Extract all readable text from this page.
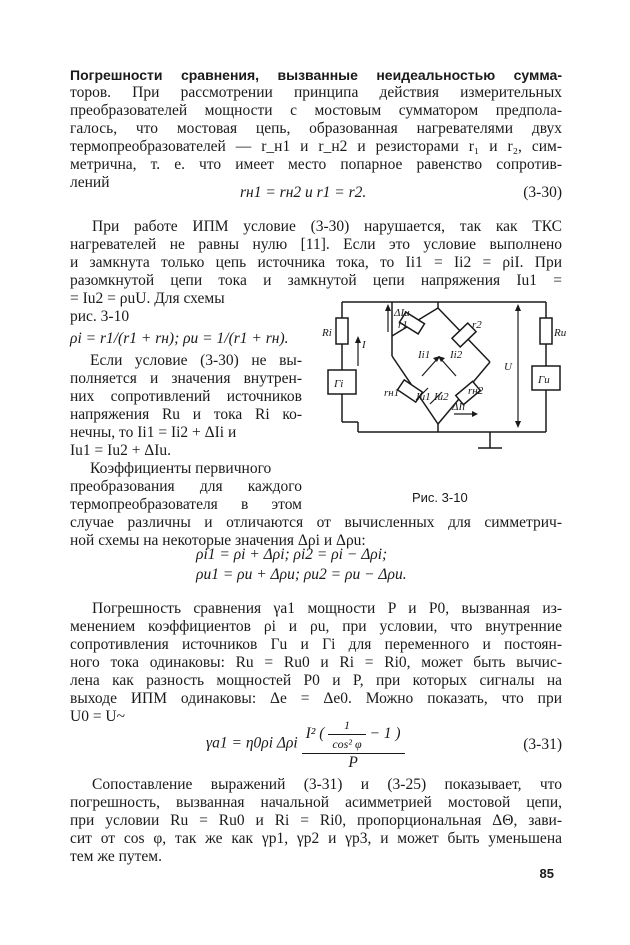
Погрешности сравнения, вызванные неидеальностью сумма-
торов. При рассмотрении принципа действия измерительных
преобразователей мощности с мостовым сумматором предпола-
галось, что мостовая цепь, образованная нагревателями двух
термопреобразователей — r_н1 и r_н2 и резисторами r₁ и r₂, сим-
метрична, т. е. что имеет место попарное равенство сопротив-
лений
rн1 = rн2 и r1 = r2.	(3-30)
При работе ИПМ условие (3-30) нарушается, так как ТКС
нагревателей не равны нулю [11]. Если это условие выполнено
и замкнута только цепь источника тока, то Ii1 = Ii2 = ρiI. При
разомкнутой цепи тока и замкнутой цепи напряжения Iu1 =
= Iu2 = ρuU. Для схемы
рис. 3-10
ρi = r1/(r1 + rн); ρu = 1/(r1 + rн).
Если условие (3-30) не вы-
полняется и значения внутрен-
них сопротивлений источников
напряжения Ru и тока Ri ко-
нечны, то Ii1 = Ii2 + ΔIi и
Iu1 = Iu2 + ΔIu.
Коэффициенты первичного
преобразования для каждого
термопреобразователя в этом
Ri
I
Гi
ΔIu
r1	r2
Ii1 Ii2
U
Ru
Гu
rн1 Iu1 Iu2 rн2
ΔIi
Рис. 3-10
случае различны и отличаются от вычисленных для симметрич-
ной схемы на некоторые значения Δρi и Δρu:
ρi1 = ρi + Δρi; ρi2 = ρi − Δρi;
ρu1 = ρu + Δρu; ρu2 = ρu − Δρu.
Погрешность сравнения γa1 мощности P и P0, вызванная из-
менением коэффициентов ρi и ρu, при условии, что внутренние
сопротивления источников Гu и Гi для переменного и постоян-
ного тока одинаковы: Ru = Ru0 и Ri = Ri0, может быть вычис-
лена как разность мощностей P0 и P, при которых сигналы на
выходе ИПМ одинаковы: Δe = Δe0. Можно показать, что при
U0 = U~
γa1 = η0ρi Δρi
I² ( $\frac{1}{\text{cos² φ}} - 1$ )
P
(3-31)
Сопоставление выражений (3-31) и (3-25) показывает, что
погрешность, вызванная начальной асимметрией мостовой цепи,
при условии Ru = Ru0 и Ri = Ri0, пропорциональная ΔΘ, зави-
сит от cos φ, так же как γp1, γp2 и γp3, и может быть уменьшена
тем же путем.
85
